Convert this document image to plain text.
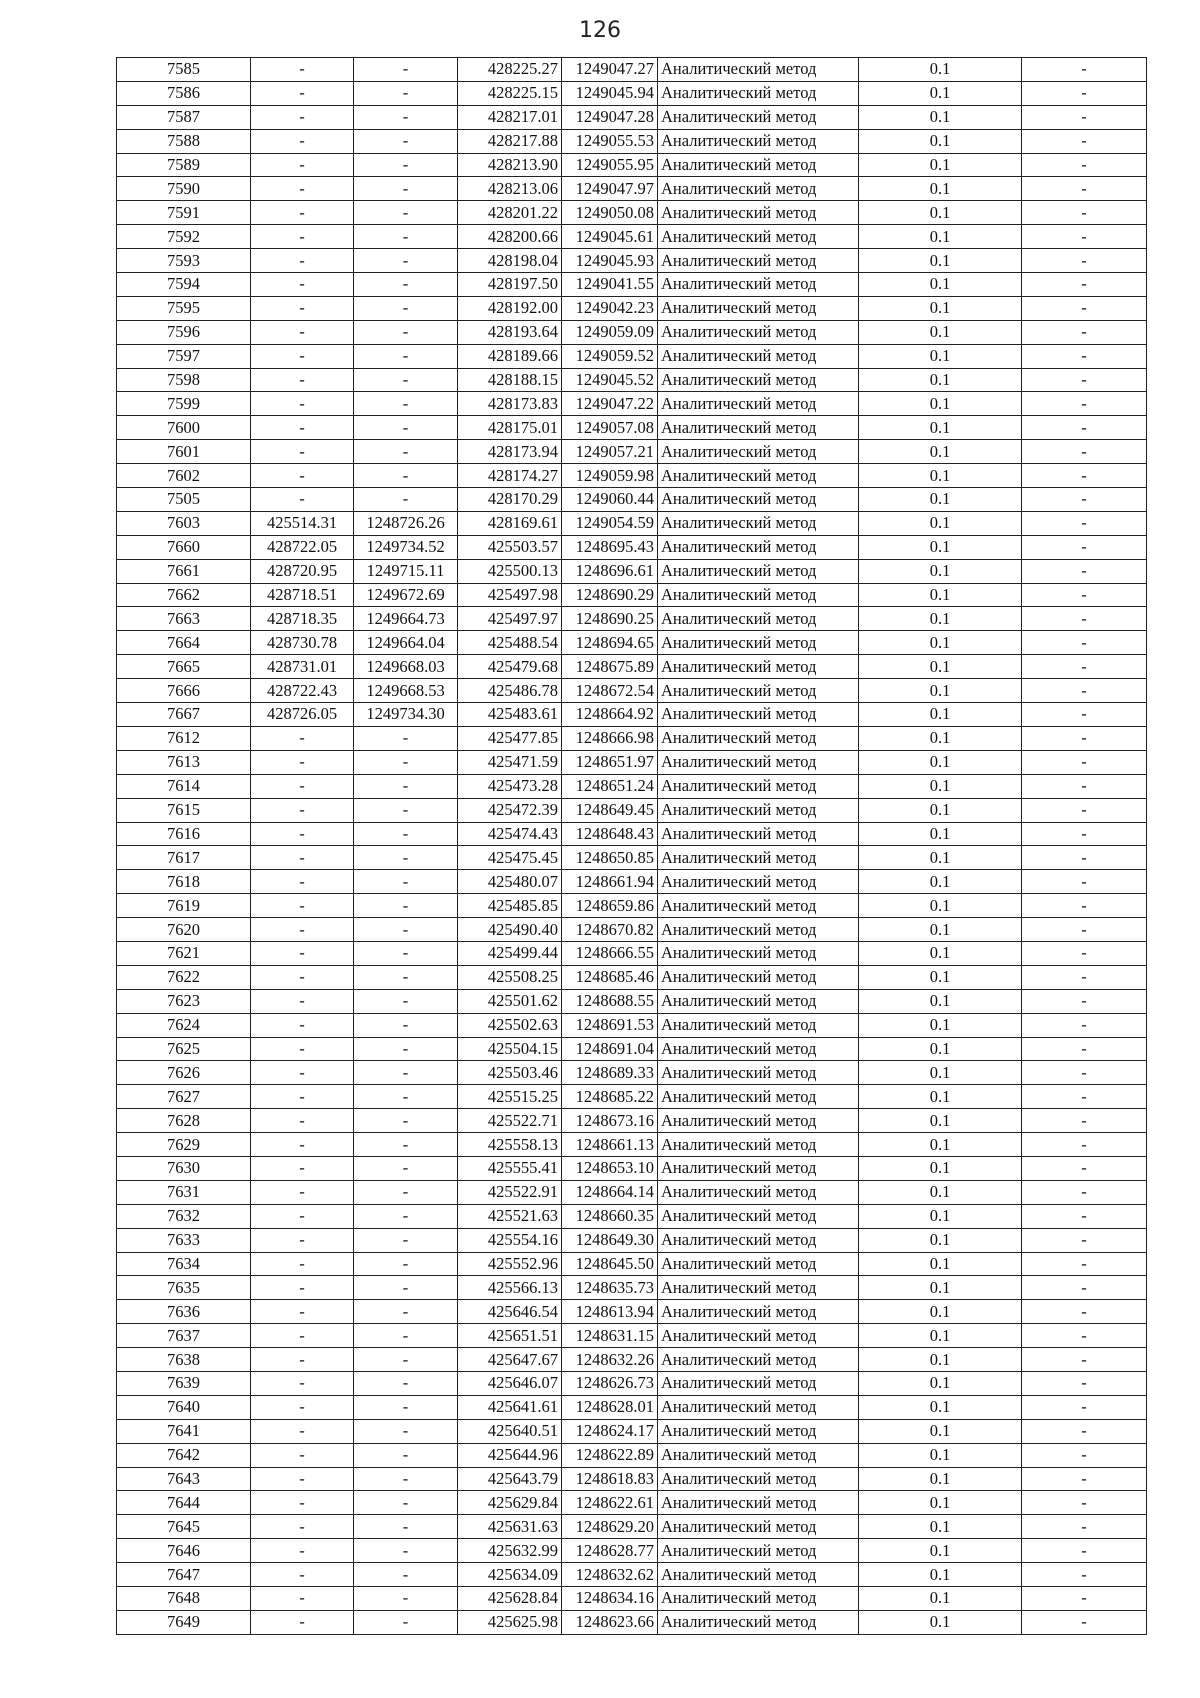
126
7585	-	-	428225.27	1249047.27	Аналитический метод	0.1	-
7586	-	-	428225.15	1249045.94	Аналитический метод	0.1	-
7587	-	-	428217.01	1249047.28	Аналитический метод	0.1	-
7588	-	-	428217.88	1249055.53	Аналитический метод	0.1	-
7589	-	-	428213.90	1249055.95	Аналитический метод	0.1	-
7590	-	-	428213.06	1249047.97	Аналитический метод	0.1	-
7591	-	-	428201.22	1249050.08	Аналитический метод	0.1	-
7592	-	-	428200.66	1249045.61	Аналитический метод	0.1	-
7593	-	-	428198.04	1249045.93	Аналитический метод	0.1	-
7594	-	-	428197.50	1249041.55	Аналитический метод	0.1	-
7595	-	-	428192.00	1249042.23	Аналитический метод	0.1	-
7596	-	-	428193.64	1249059.09	Аналитический метод	0.1	-
7597	-	-	428189.66	1249059.52	Аналитический метод	0.1	-
7598	-	-	428188.15	1249045.52	Аналитический метод	0.1	-
7599	-	-	428173.83	1249047.22	Аналитический метод	0.1	-
7600	-	-	428175.01	1249057.08	Аналитический метод	0.1	-
7601	-	-	428173.94	1249057.21	Аналитический метод	0.1	-
7602	-	-	428174.27	1249059.98	Аналитический метод	0.1	-
7505	-	-	428170.29	1249060.44	Аналитический метод	0.1	-
7603	425514.31	1248726.26	428169.61	1249054.59	Аналитический метод	0.1	-
7660	428722.05	1249734.52	425503.57	1248695.43	Аналитический метод	0.1	-
7661	428720.95	1249715.11	425500.13	1248696.61	Аналитический метод	0.1	-
7662	428718.51	1249672.69	425497.98	1248690.29	Аналитический метод	0.1	-
7663	428718.35	1249664.73	425497.97	1248690.25	Аналитический метод	0.1	-
7664	428730.78	1249664.04	425488.54	1248694.65	Аналитический метод	0.1	-
7665	428731.01	1249668.03	425479.68	1248675.89	Аналитический метод	0.1	-
7666	428722.43	1249668.53	425486.78	1248672.54	Аналитический метод	0.1	-
7667	428726.05	1249734.30	425483.61	1248664.92	Аналитический метод	0.1	-
7612	-	-	425477.85	1248666.98	Аналитический метод	0.1	-
7613	-	-	425471.59	1248651.97	Аналитический метод	0.1	-
7614	-	-	425473.28	1248651.24	Аналитический метод	0.1	-
7615	-	-	425472.39	1248649.45	Аналитический метод	0.1	-
7616	-	-	425474.43	1248648.43	Аналитический метод	0.1	-
7617	-	-	425475.45	1248650.85	Аналитический метод	0.1	-
7618	-	-	425480.07	1248661.94	Аналитический метод	0.1	-
7619	-	-	425485.85	1248659.86	Аналитический метод	0.1	-
7620	-	-	425490.40	1248670.82	Аналитический метод	0.1	-
7621	-	-	425499.44	1248666.55	Аналитический метод	0.1	-
7622	-	-	425508.25	1248685.46	Аналитический метод	0.1	-
7623	-	-	425501.62	1248688.55	Аналитический метод	0.1	-
7624	-	-	425502.63	1248691.53	Аналитический метод	0.1	-
7625	-	-	425504.15	1248691.04	Аналитический метод	0.1	-
7626	-	-	425503.46	1248689.33	Аналитический метод	0.1	-
7627	-	-	425515.25	1248685.22	Аналитический метод	0.1	-
7628	-	-	425522.71	1248673.16	Аналитический метод	0.1	-
7629	-	-	425558.13	1248661.13	Аналитический метод	0.1	-
7630	-	-	425555.41	1248653.10	Аналитический метод	0.1	-
7631	-	-	425522.91	1248664.14	Аналитический метод	0.1	-
7632	-	-	425521.63	1248660.35	Аналитический метод	0.1	-
7633	-	-	425554.16	1248649.30	Аналитический метод	0.1	-
7634	-	-	425552.96	1248645.50	Аналитический метод	0.1	-
7635	-	-	425566.13	1248635.73	Аналитический метод	0.1	-
7636	-	-	425646.54	1248613.94	Аналитический метод	0.1	-
7637	-	-	425651.51	1248631.15	Аналитический метод	0.1	-
7638	-	-	425647.67	1248632.26	Аналитический метод	0.1	-
7639	-	-	425646.07	1248626.73	Аналитический метод	0.1	-
7640	-	-	425641.61	1248628.01	Аналитический метод	0.1	-
7641	-	-	425640.51	1248624.17	Аналитический метод	0.1	-
7642	-	-	425644.96	1248622.89	Аналитический метод	0.1	-
7643	-	-	425643.79	1248618.83	Аналитический метод	0.1	-
7644	-	-	425629.84	1248622.61	Аналитический метод	0.1	-
7645	-	-	425631.63	1248629.20	Аналитический метод	0.1	-
7646	-	-	425632.99	1248628.77	Аналитический метод	0.1	-
7647	-	-	425634.09	1248632.62	Аналитический метод	0.1	-
7648	-	-	425628.84	1248634.16	Аналитический метод	0.1	-
7649	-	-	425625.98	1248623.66	Аналитический метод	0.1	-
